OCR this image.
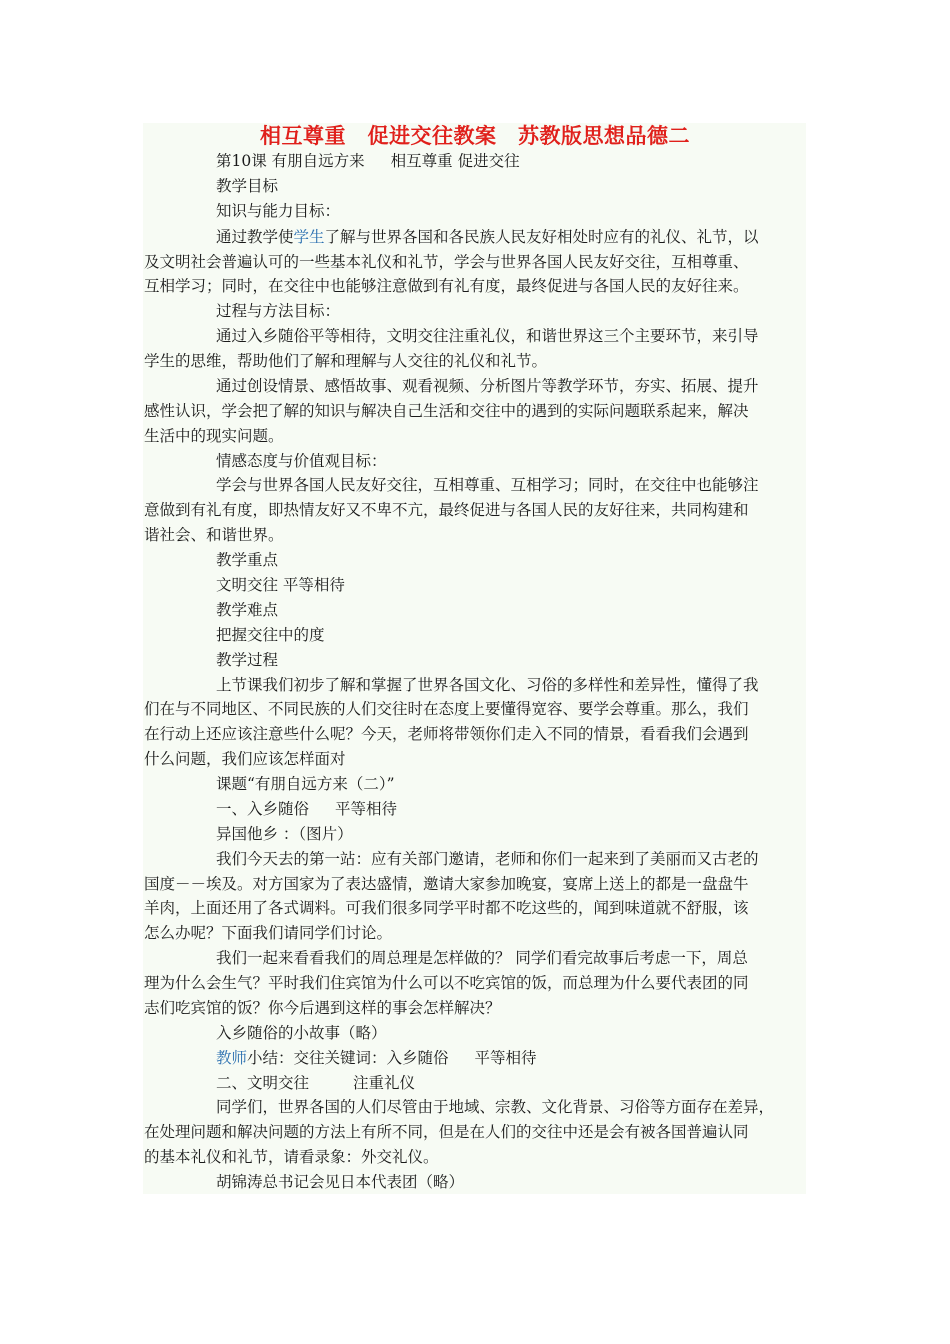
相互尊重　促进交往教案　苏教版思想品德二
第10课 有朋自远方来 相互尊重 促进交往
教学目标
知识与能力目标：
通过教学使学生了解与世界各国和各民族人民友好相处时应有的礼仪、礼节，以
及文明社会普遍认可的一些基本礼仪和礼节，学会与世界各国人民友好交往，互相尊重、
互相学习；同时，在交往中也能够注意做到有礼有度，最终促进与各国人民的友好往来。
过程与方法目标：
通过入乡随俗平等相待，文明交往注重礼仪，和谐世界这三个主要环节，来引导
学生的思维，帮助他们了解和理解与人交往的礼仪和礼节。
通过创设情景、感悟故事、观看视频、分析图片等教学环节，夯实、拓展、提升
感性认识，学会把了解的知识与解决自己生活和交往中的遇到的实际问题联系起来，解决
生活中的现实问题。
情感态度与价值观目标：
学会与世界各国人民友好交往，互相尊重、互相学习；同时，在交往中也能够注
意做到有礼有度，即热情友好又不卑不亢，最终促进与各国人民的友好往来，共同构建和
谐社会、和谐世界。
教学重点
文明交往 平等相待
教学难点
把握交往中的度
教学过程
上节课我们初步了解和掌握了世界各国文化、习俗的多样性和差异性，懂得了我
们在与不同地区、不同民族的人们交往时在态度上要懂得宽容、要学会尊重。那么，我们
在行动上还应该注意些什么呢？今天，老师将带领你们走入不同的情景，看看我们会遇到
什么问题，我们应该怎样面对
课题“有朋自远方来（二）”
一、入乡随俗 平等相待
异国他乡 ：（图片）
我们今天去的第一站：应有关部门邀请，老师和你们一起来到了美丽而又古老的
国度－－埃及。对方国家为了表达盛情，邀请大家参加晚宴，宴席上送上的都是一盘盘牛
羊肉，上面还用了各式调料。可我们很多同学平时都不吃这些的，闻到味道就不舒服，该
怎么办呢？下面我们请同学们讨论。
我们一起来看看我们的周总理是怎样做的？ 同学们看完故事后考虑一下，周总
理为什么会生气？平时我们住宾馆为什么可以不吃宾馆的饭，而总理为什么要代表团的同
志们吃宾馆的饭？你今后遇到这样的事会怎样解决？
入乡随俗的小故事（略）
教师小结：交往关键词：入乡随俗 平等相待
二、文明交往	注重礼仪
同学们，世界各国的人们尽管由于地域、宗教、文化背景、习俗等方面存在差异，
在处理问题和解决问题的方法上有所不同，但是在人们的交往中还是会有被各国普遍认同
的基本礼仪和礼节，请看录象：外交礼仪。
胡锦涛总书记会见日本代表团（略）
